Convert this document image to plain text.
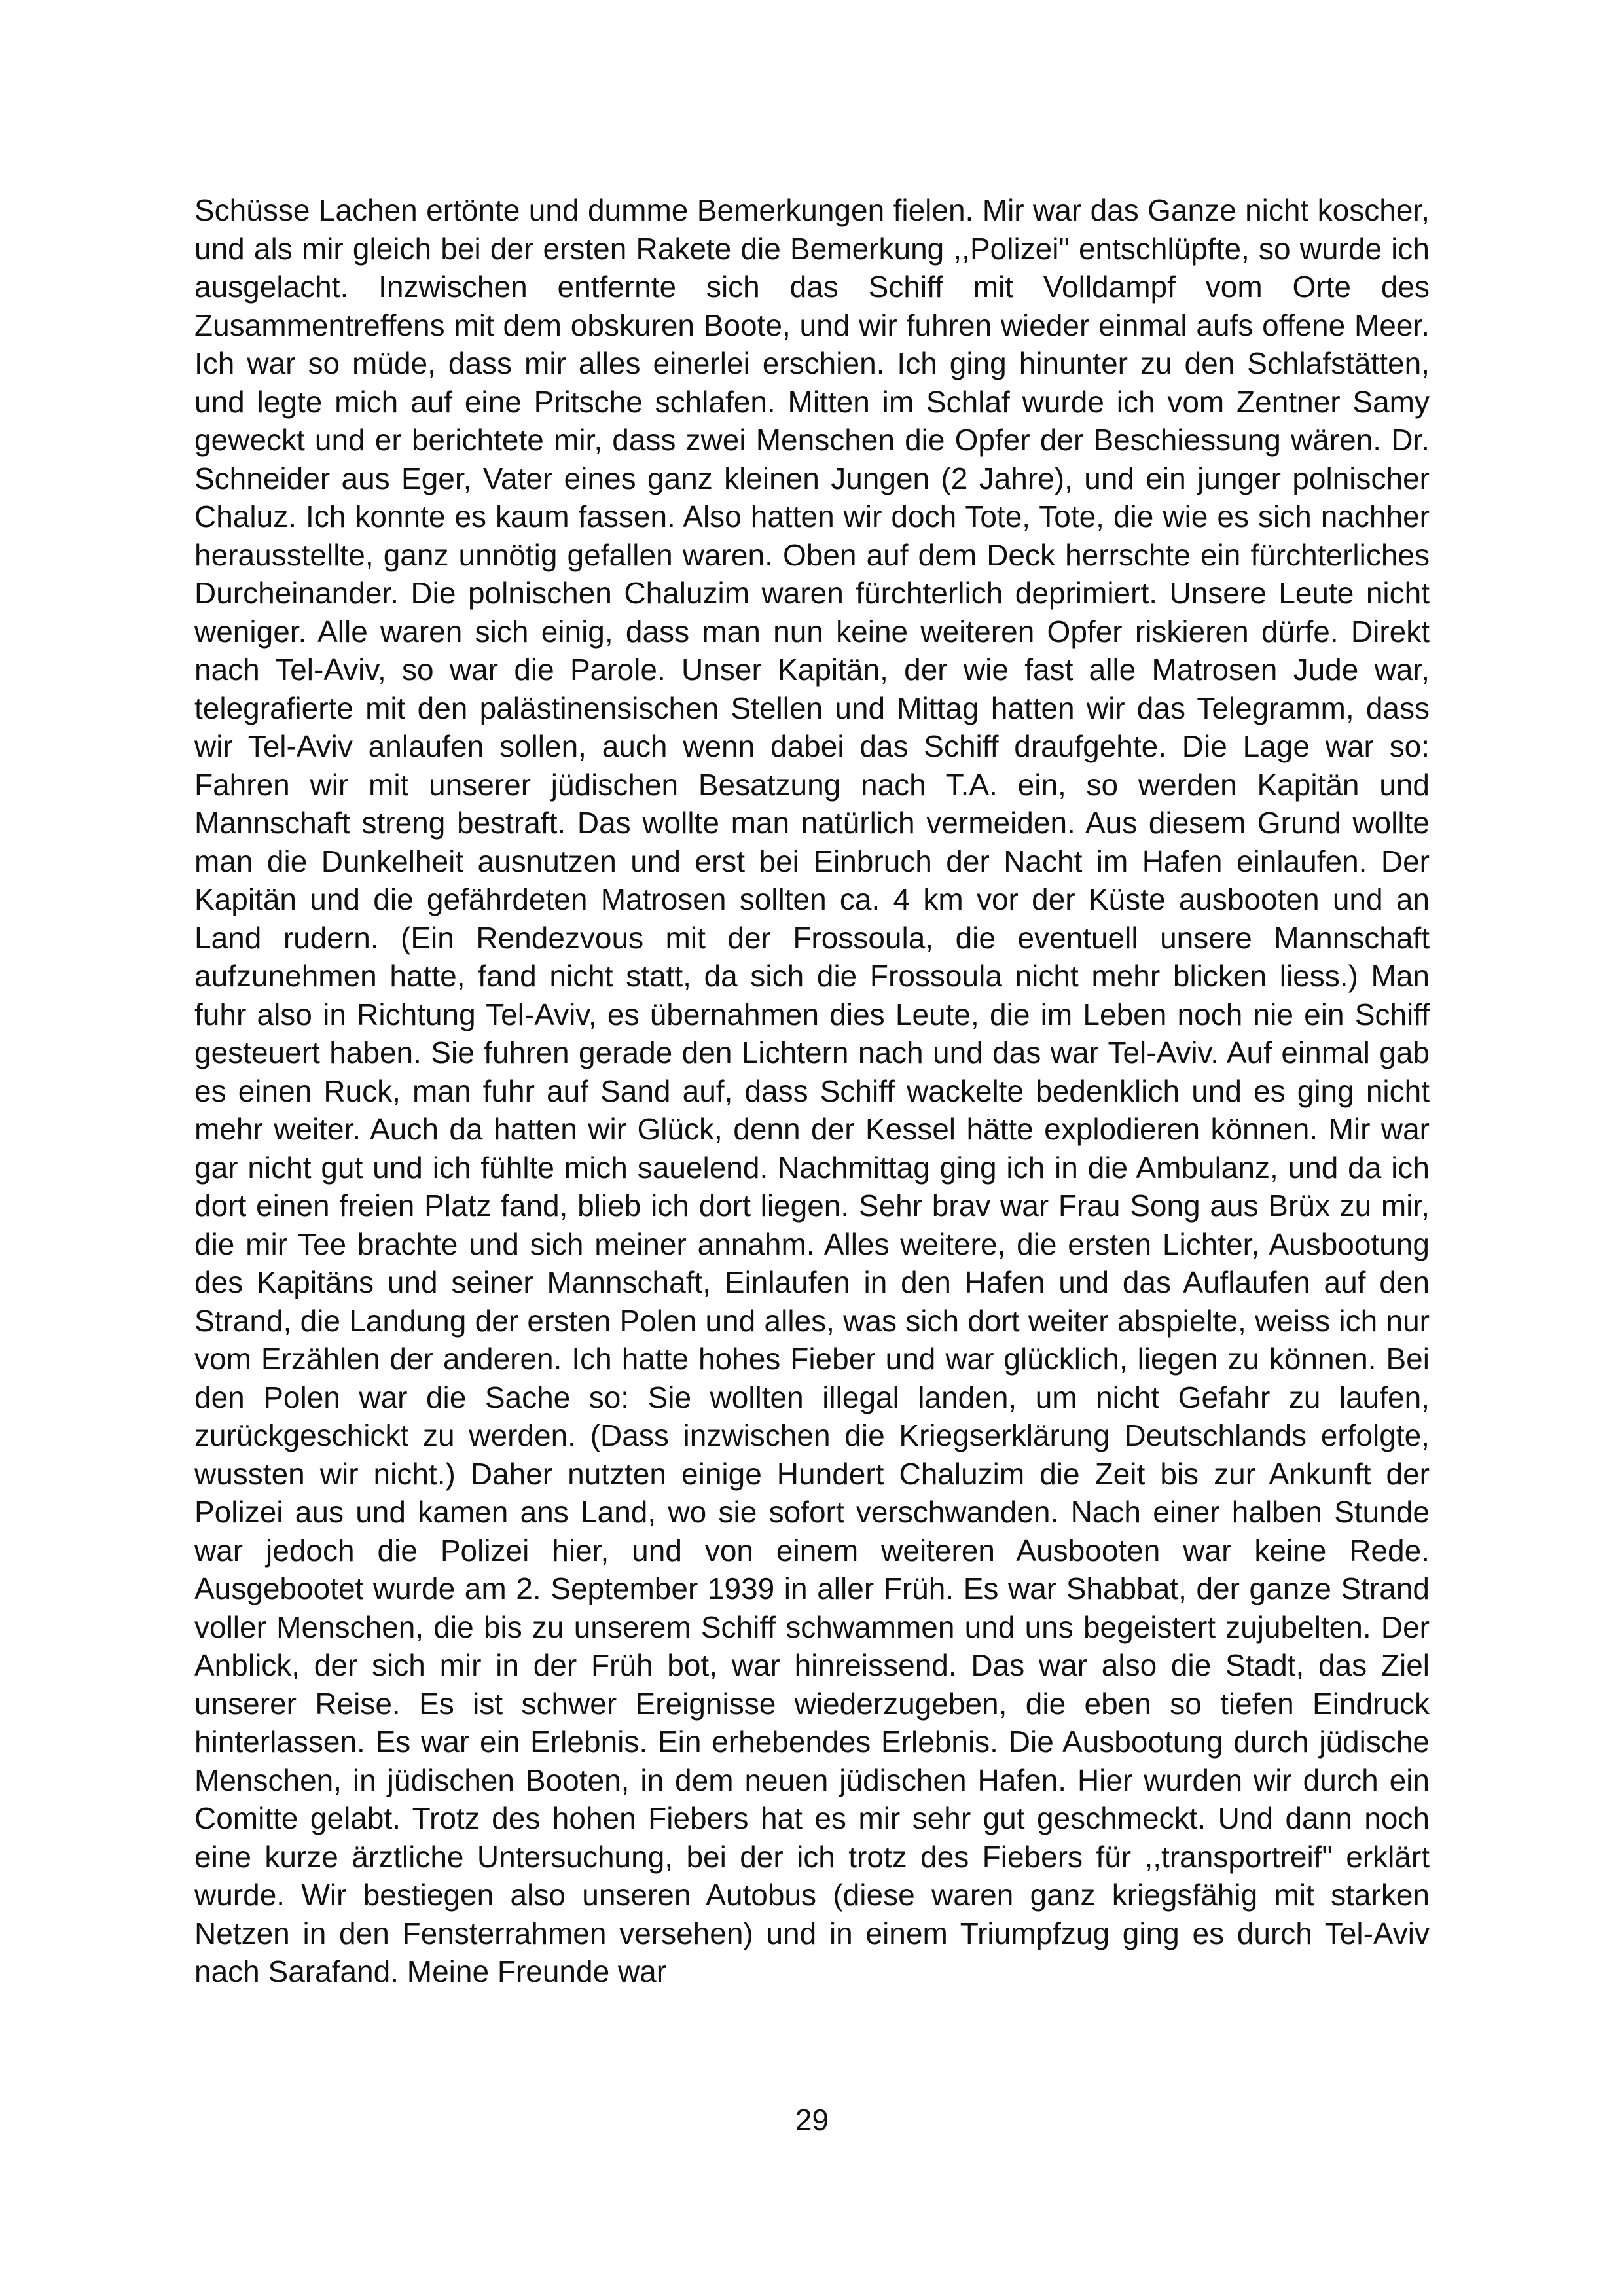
Schüsse Lachen ertönte und dumme Bemerkungen fielen. Mir war das Ganze nicht koscher, und als mir gleich bei der ersten Rakete die Bemerkung ,,Polizei" entschlüpfte, so wurde ich ausgelacht. Inzwischen entfernte sich das Schiff mit Volldampf vom Orte des Zusammentreffens mit dem obskuren Boote, und wir fuhren wieder einmal aufs offene Meer. Ich war so müde, dass mir alles einerlei erschien. Ich ging hinunter zu den Schlafstätten, und legte mich auf eine Pritsche schlafen. Mitten im Schlaf wurde ich vom Zentner Samy geweckt und er berichtete mir, dass zwei Menschen die Opfer der Beschiessung wären. Dr. Schneider aus Eger, Vater eines ganz kleinen Jungen (2 Jahre), und ein junger polnischer Chaluz. Ich konnte es kaum fassen. Also hatten wir doch Tote, Tote, die wie es sich nachher herausstellte, ganz unnötig gefallen waren. Oben auf dem Deck herrschte ein fürchterliches Durcheinander. Die polnischen Chaluzim waren fürchterlich deprimiert. Unsere Leute nicht weniger. Alle waren sich einig, dass man nun keine weiteren Opfer riskieren dürfe. Direkt nach Tel-Aviv, so war die Parole. Unser Kapitän, der wie fast alle Matrosen Jude war, telegrafierte mit den palästinensischen Stellen und Mittag hatten wir das Telegramm, dass wir Tel-Aviv anlaufen sollen, auch wenn dabei das Schiff draufgehte. Die Lage war so: Fahren wir mit unserer jüdischen Besatzung nach T.A. ein, so werden Kapitän und Mannschaft streng bestraft. Das wollte man natürlich vermeiden. Aus diesem Grund wollte man die Dunkelheit ausnutzen und erst bei Einbruch der Nacht im Hafen einlaufen. Der Kapitän und die gefährdeten Matrosen sollten ca. 4 km vor der Küste ausbooten und an Land rudern. (Ein Rendezvous mit der Frossoula, die eventuell unsere Mannschaft aufzunehmen hatte, fand nicht statt, da sich die Frossoula nicht mehr blicken liess.) Man fuhr also in Richtung Tel-Aviv, es übernahmen dies Leute, die im Leben noch nie ein Schiff gesteuert haben. Sie fuhren gerade den Lichtern nach und das war Tel-Aviv. Auf einmal gab es einen Ruck, man fuhr auf Sand auf, dass Schiff wackelte bedenklich und es ging nicht mehr weiter. Auch da hatten wir Glück, denn der Kessel hätte explodieren können. Mir war gar nicht gut und ich fühlte mich sauelend. Nachmittag ging ich in die Ambulanz, und da ich dort einen freien Platz fand, blieb ich dort liegen. Sehr brav war Frau Song aus Brüx zu mir, die mir Tee brachte und sich meiner annahm. Alles weitere, die ersten Lichter, Ausbootung des Kapitäns und seiner Mannschaft, Einlaufen in den Hafen und das Auflaufen auf den Strand, die Landung der ersten Polen und alles, was sich dort weiter abspielte, weiss ich nur vom Erzählen der anderen. Ich hatte hohes Fieber und war glücklich, liegen zu können. Bei den Polen war die Sache so: Sie wollten illegal landen, um nicht Gefahr zu laufen, zurückgeschickt zu werden. (Dass inzwischen die Kriegserklärung Deutschlands erfolgte, wussten wir nicht.) Daher nutzten einige Hundert Chaluzim die Zeit bis zur Ankunft der Polizei aus und kamen ans Land, wo sie sofort verschwanden. Nach einer halben Stunde war jedoch die Polizei hier, und von einem weiteren Ausbooten war keine Rede. Ausgebootet wurde am 2. September 1939 in aller Früh. Es war Shabbat, der ganze Strand voller Menschen, die bis zu unserem Schiff schwammen und uns begeistert zujubelten. Der Anblick, der sich mir in der Früh bot, war hinreissend. Das war also die Stadt, das Ziel unserer Reise. Es ist schwer Ereignisse wiederzugeben, die eben so tiefen Eindruck hinterlassen. Es war ein Erlebnis. Ein erhebendes Erlebnis. Die Ausbootung durch jüdische Menschen, in jüdischen Booten, in dem neuen jüdischen Hafen. Hier wurden wir durch ein Comitte gelabt. Trotz des hohen Fiebers hat es mir sehr gut geschmeckt. Und dann noch eine kurze ärztliche Untersuchung, bei der ich trotz des Fiebers für ,,transportreif" erklärt wurde. Wir bestiegen also unseren Autobus (diese waren ganz kriegsfähig mit starken Netzen in den Fensterrahmen versehen) und in einem Triumpfzug ging es durch Tel-Aviv nach Sarafand. Meine Freunde war

29
